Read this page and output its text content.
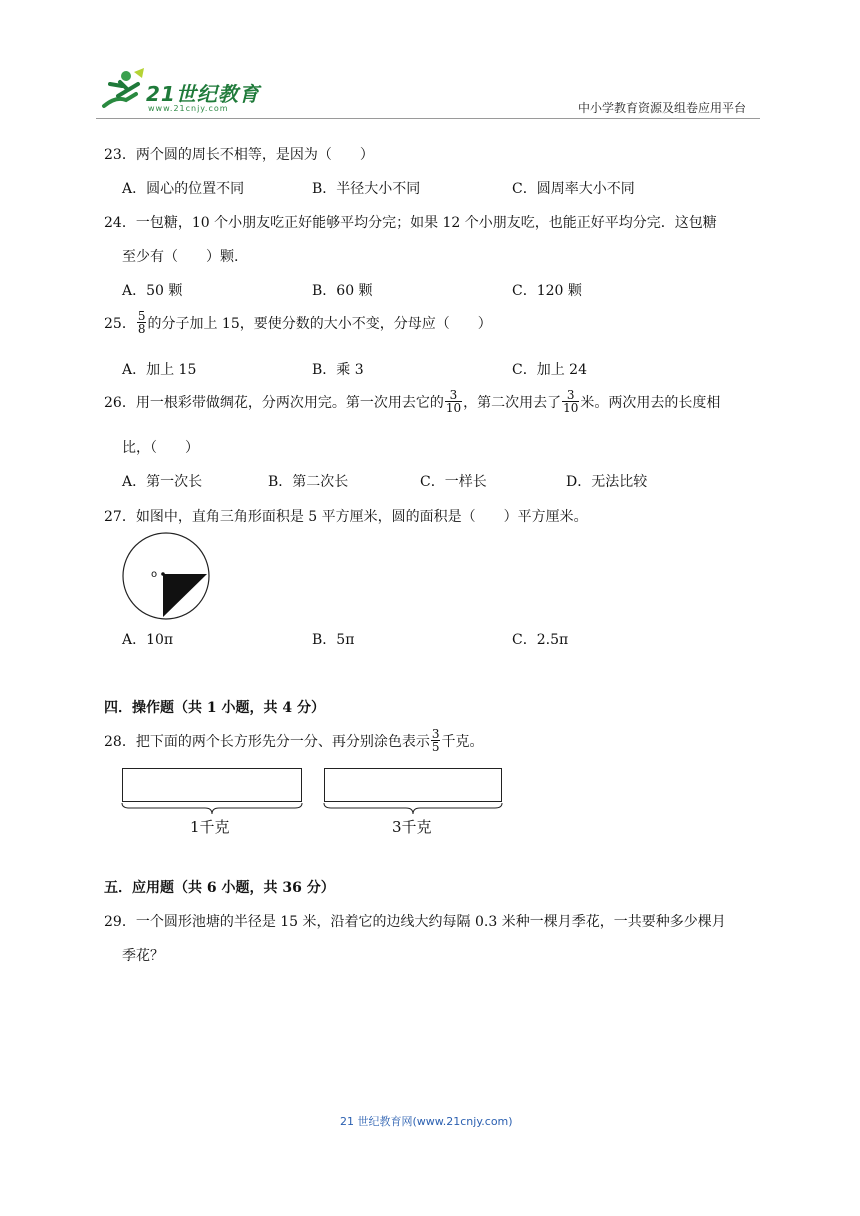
21世纪教育
www.21cnjy.com	中小学教育资源及组卷应用平台
23．两个圆的周长不相等，是因为（　　）
A．圆心的位置不同	B．半径大小不同	C．圆周率大小不同
24．一包糖，10 个小朋友吃正好能够平均分完；如果 12 个小朋友吃，也能正好平均分完．这包糖
至少有（　　）颗.
A．50 颗	B．60 颗	C．120 颗
25． $\frac{5}{8}$ 的分子加上 15，要使分数的大小不变，分母应（　　）
A．加上 15	B．乘 3	C．加上 24
26．用一根彩带做绸花，分两次用完。第一次用去它的 $\frac{3}{10}$ ，第二次用去了 $\frac{3}{10}$ 米。两次用去的长度相
比，（　　）
A．第一次长	B．第二次长	C．一样长	D．无法比较
27．如图中，直角三角形面积是 5 平方厘米，圆的面积是（　　）平方厘米。
o
A．10π	B．5π	C．2.5π
四．操作题（共 1 小题，共 4 分）
28．把下面的两个长方形先分一分、再分别涂色表示 $\frac{3}{5}$ 千克。
1千克	3千克
五．应用题（共 6 小题，共 36 分）
29．一个圆形池塘的半径是 15 米，沿着它的边线大约每隔 0.3 米种一棵月季花，一共要种多少棵月
季花？
21 世纪教育网(www.21cnjy.com)
